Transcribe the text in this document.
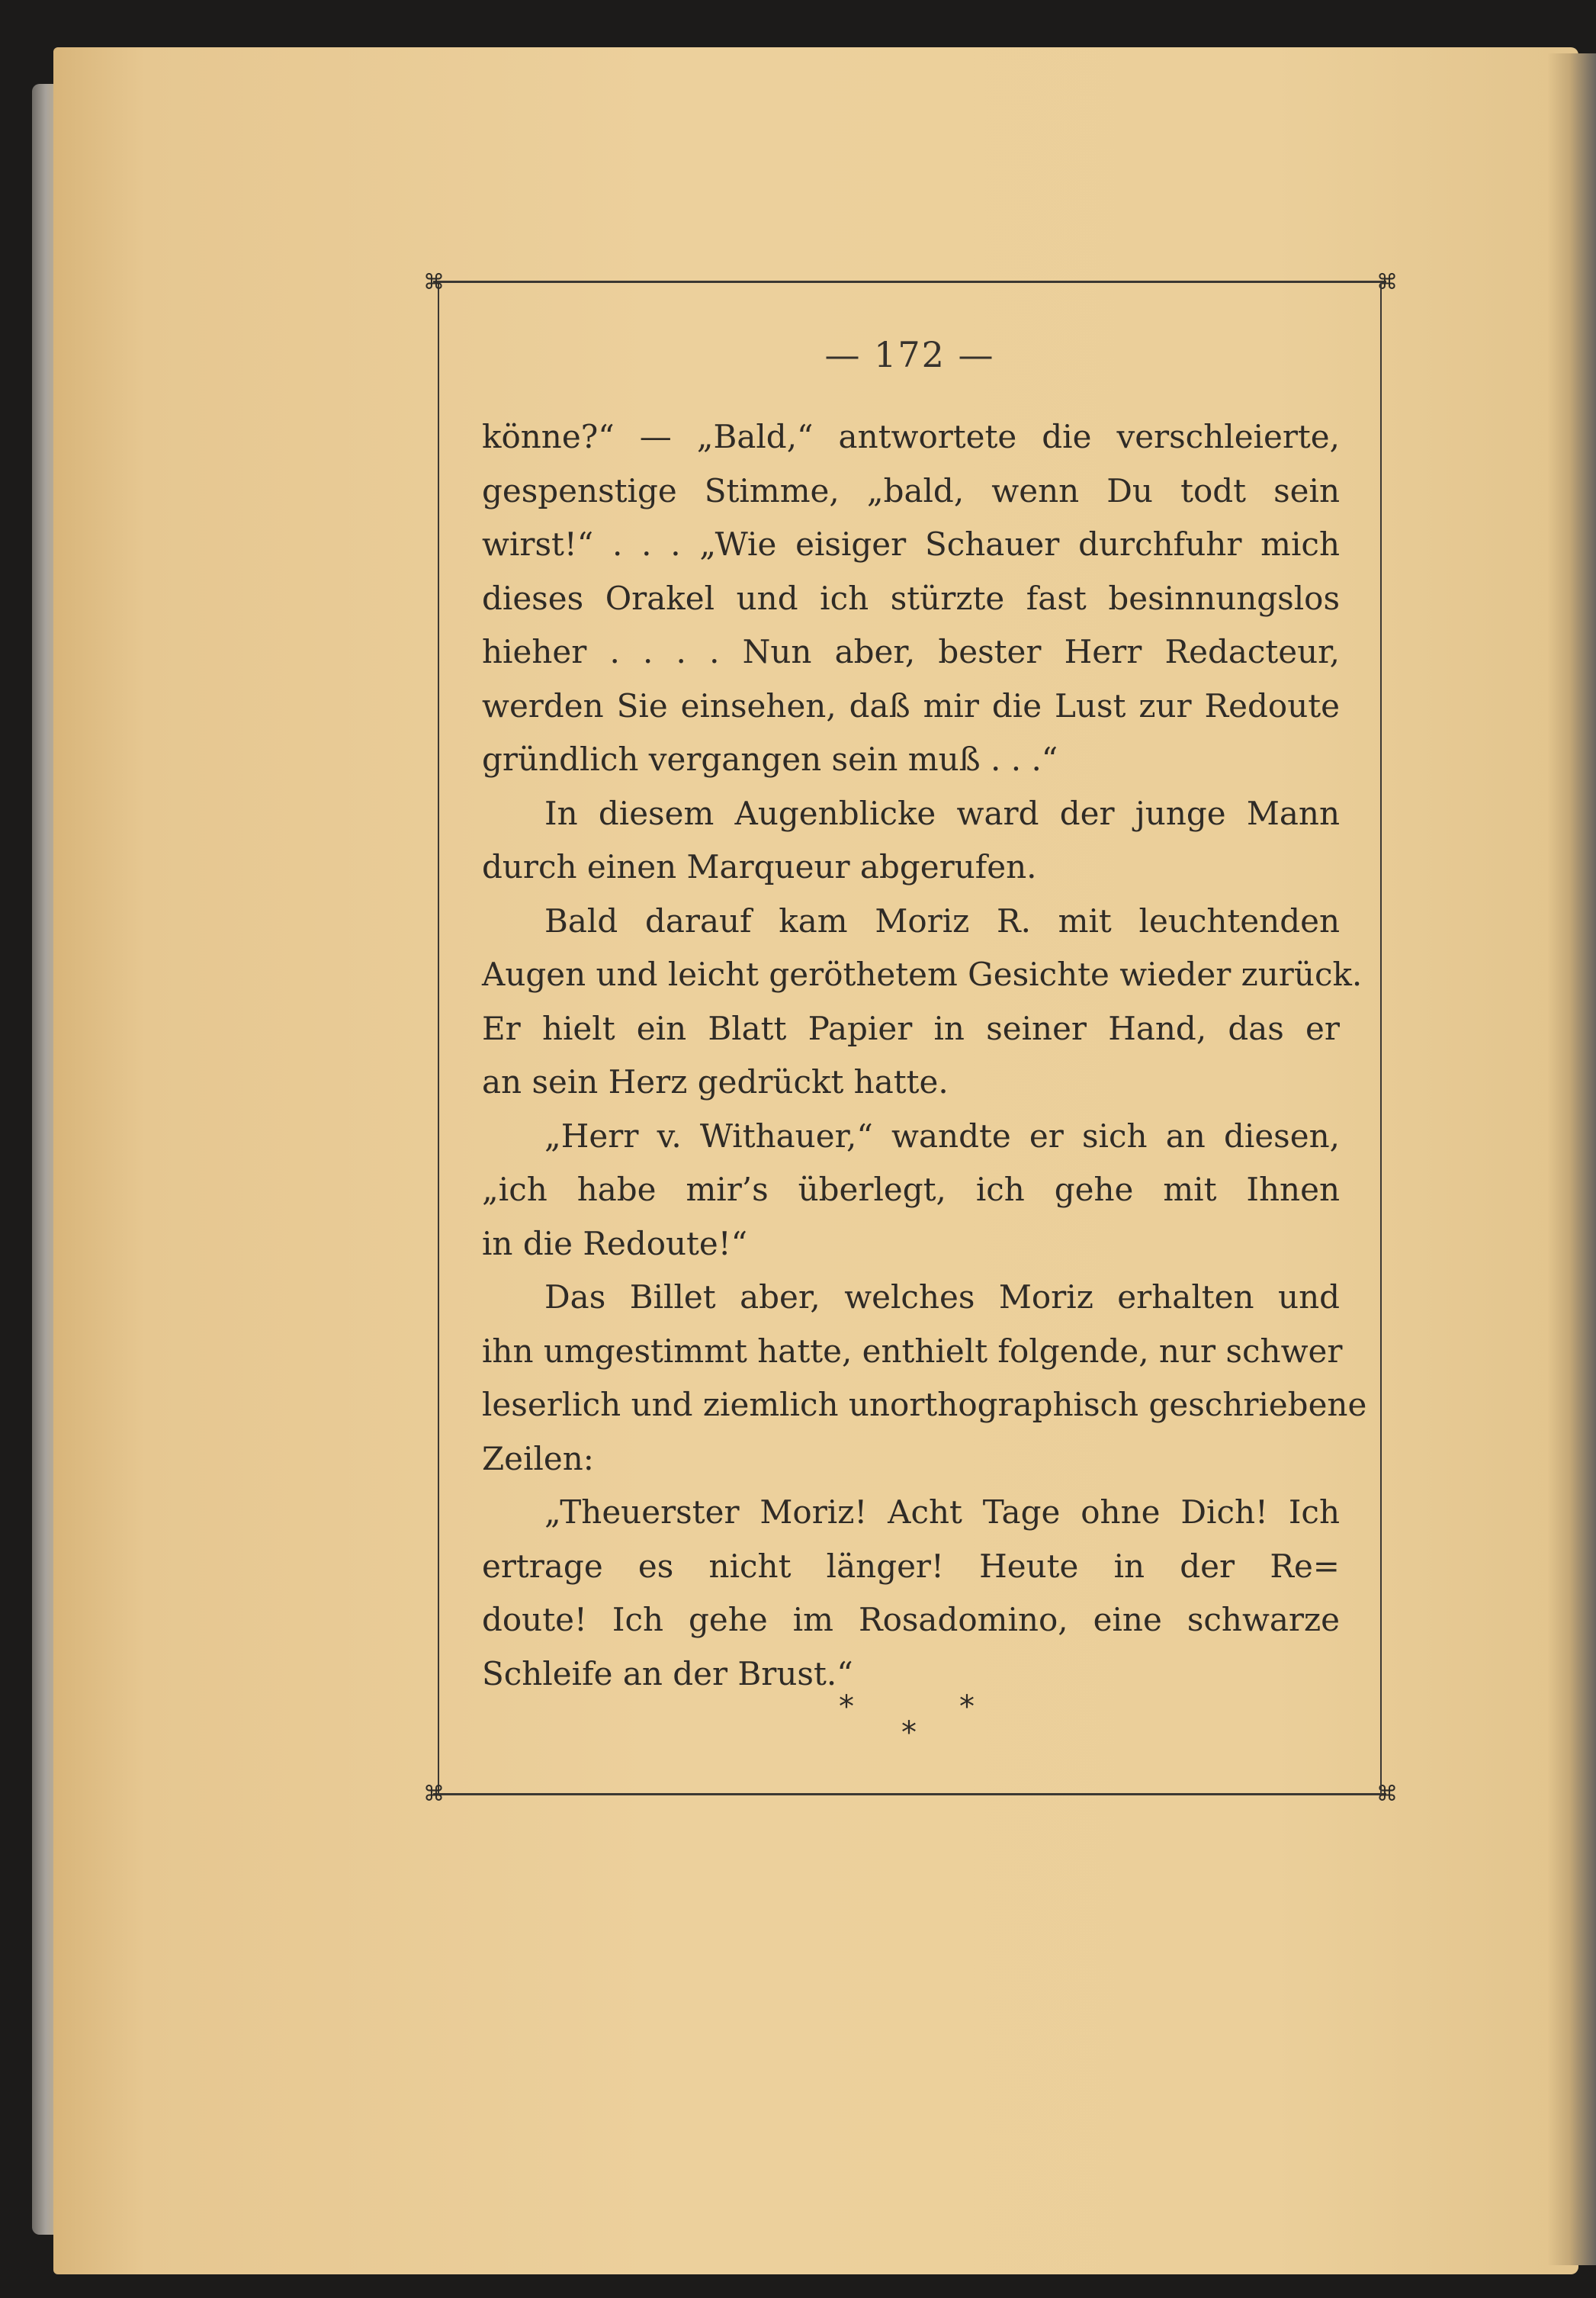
⌘	⌘
⌘	⌘
— 172 —
könne?“ — „Bald,“ antwortete die verschleierte,
gespenstige Stimme, „bald, wenn Du todt sein
wirst!“ . . . „Wie eisiger Schauer durchfuhr mich
dieses Orakel und ich stürzte fast besinnungslos
hieher . . . . Nun aber, bester Herr Redacteur,
werden Sie einsehen, daß mir die Lust zur Redoute
gründlich vergangen sein muß . . .“
In diesem Augenblicke ward der junge Mann
durch einen Marqueur abgerufen.
Bald darauf kam Moriz R. mit leuchtenden
Augen und leicht geröthetem Gesichte wieder zurück.
Er hielt ein Blatt Papier in seiner Hand, das er
an sein Herz gedrückt hatte.
„Herr v. Withauer,“ wandte er sich an diesen,
„ich habe mir’s überlegt, ich gehe mit Ihnen
in die Redoute!“
Das Billet aber, welches Moriz erhalten und
ihn umgestimmt hatte, enthielt folgende, nur schwer
leserlich und ziemlich unorthographisch geschriebene
Zeilen:
„Theuerster Moriz! Acht Tage ohne Dich! Ich
ertrage es nicht länger! Heute in der Re=
doute! Ich gehe im Rosadomino, eine schwarze
Schleife an der Brust.“
*
*
*
